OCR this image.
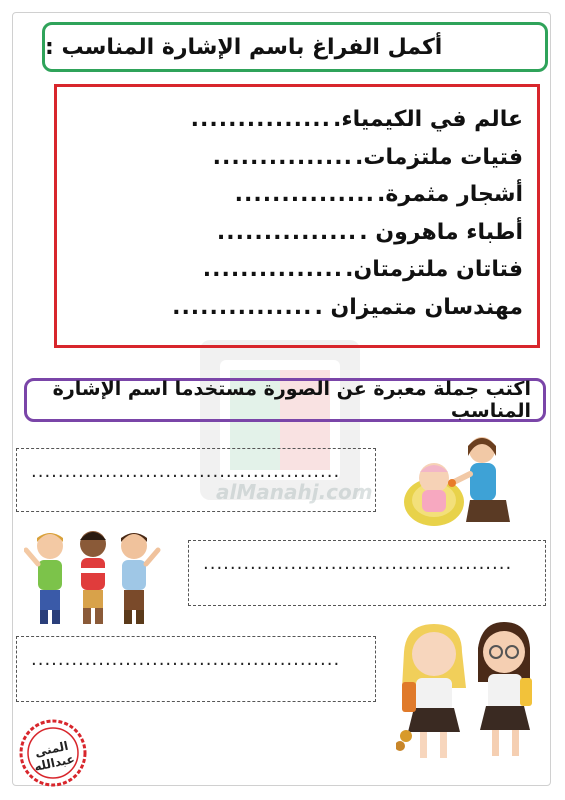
alManahj.com
أكمل الفراغ باسم الإشارة المناسب :
............... عالم في الكيمياء.
............... فتيات ملتزمات.
............... أشجار مثمرة.
............... أطباء ماهرون .
............... فتاتان ملتزمتان.
............... مهندسان متميزان .
اكتب جملة معبرة عن الصورة مستخدما اسم الإشارة المناسب
..............................................
..............................................
..............................................
المنى عبدالله
